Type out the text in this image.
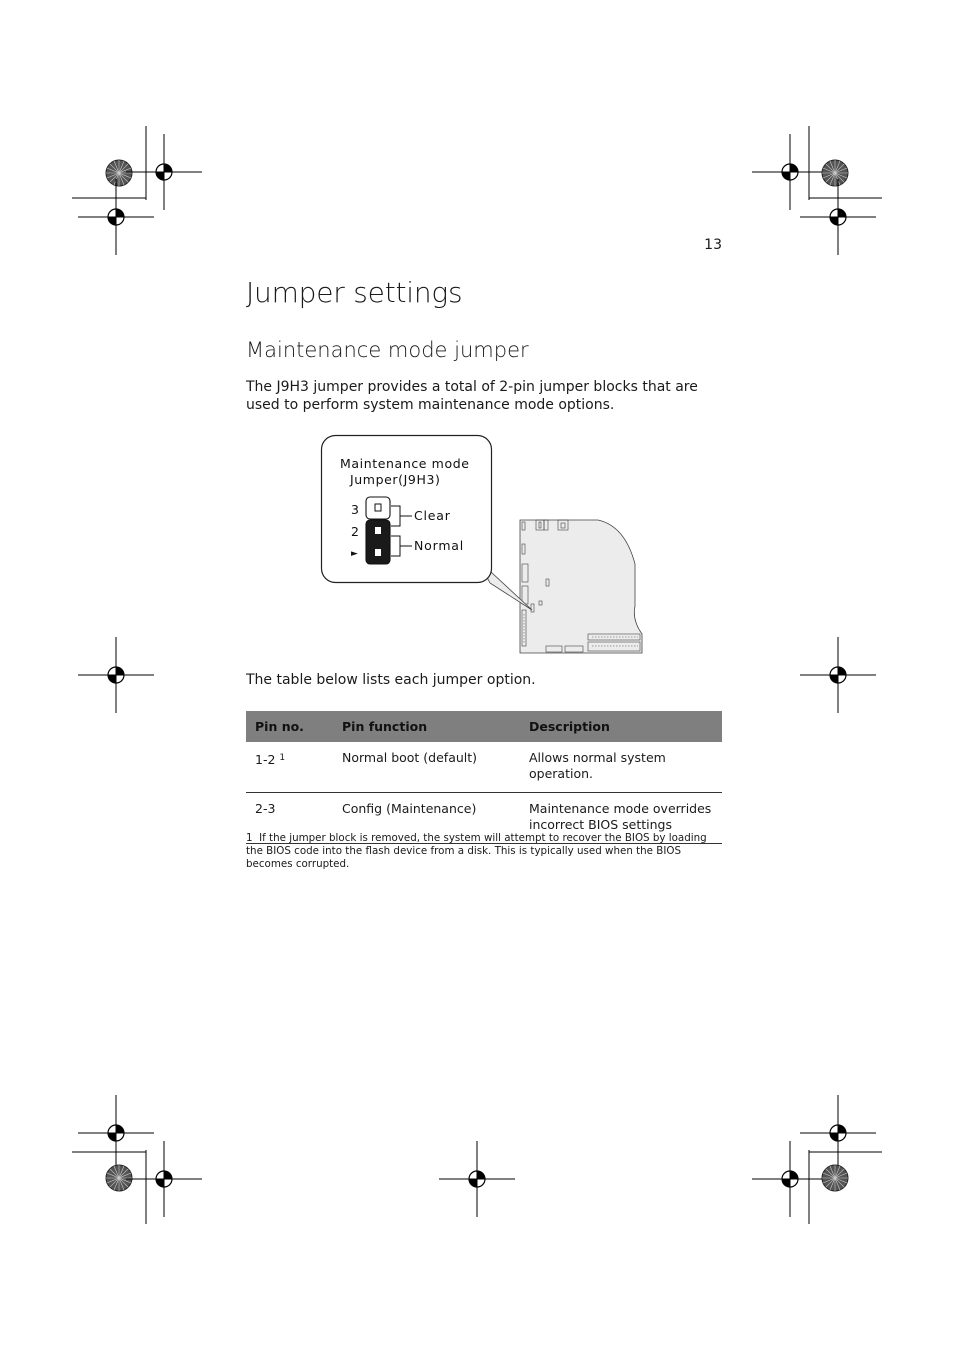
13
Jumper settings
Maintenance mode jumper

The J9H3 jumper provides a total of 2-pin jumper blocks that are used to perform system maintenance mode options.

Maintenance mode
Jumper(J9H3)
3
2
►
Clear
Normal

The table below lists each jumper option.

Pin no.	Pin function	Description
1-2 $^1$	Normal boot (default)	Allows normal system operation.
2-3	Config (Maintenance)	Maintenance mode overrides incorrect BIOS settings

1 If the jumper block is removed, the system will attempt to recover the BIOS by loading the BIOS code into the flash device from a disk. This is typically used when the BIOS becomes corrupted.
